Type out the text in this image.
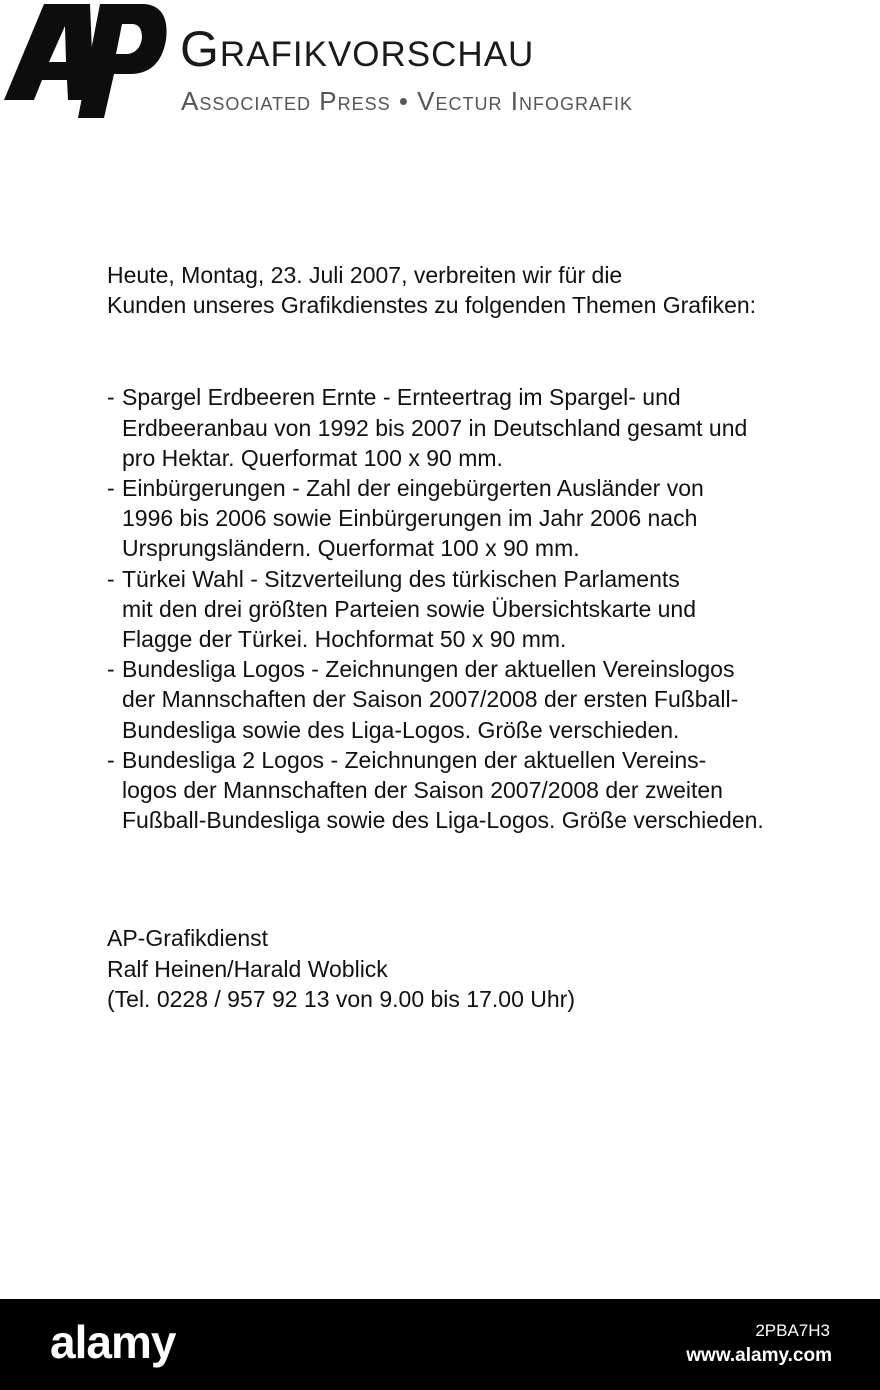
Grafikvorschau
Associated Press • Vectur Infografik

Heute, Montag, 23. Juli 2007, verbreiten wir für die

Kunden unseres Grafikdienstes zu folgenden Themen Grafiken:

- Spargel Erdbeeren Ernte - Ernteertrag im Spargel- und
Erdbeeranbau von 1992 bis 2007 in Deutschland gesamt und
pro Hektar. Querformat 100 x 90 mm.
- Einbürgerungen - Zahl der eingebürgerten Ausländer von
1996 bis 2006 sowie Einbürgerungen im Jahr 2006 nach
Ursprungsländern. Querformat 100 x 90 mm.
- Türkei Wahl - Sitzverteilung des türkischen Parlaments
mit den drei größten Parteien sowie Übersichtskarte und
Flagge der Türkei. Hochformat 50 x 90 mm.
- Bundesliga Logos - Zeichnungen der aktuellen Vereinslogos
der Mannschaften der Saison 2007/2008 der ersten Fußball-
Bundesliga sowie des Liga-Logos. Größe verschieden.
- Bundesliga 2 Logos - Zeichnungen der aktuellen Vereins-
logos der Mannschaften der Saison 2007/2008 der zweiten
Fußball-Bundesliga sowie des Liga-Logos. Größe verschieden.

AP-Grafikdienst

Ralf Heinen/Harald Woblick

(Tel. 0228 / 957 92 13 von 9.00 bis 17.00 Uhr)

alamy	2PBA7H3
www.alamy.com
